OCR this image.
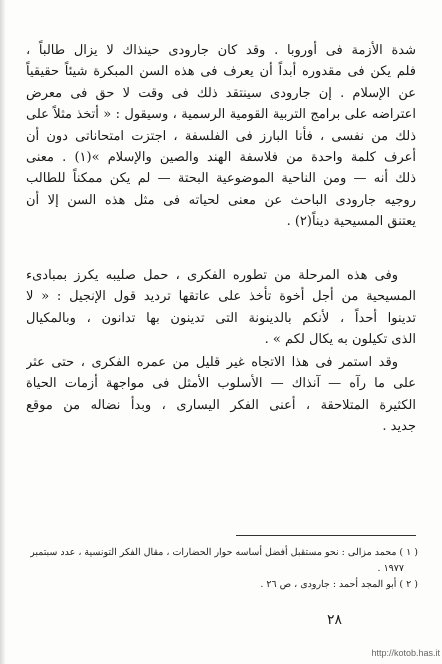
شدة الأزمة فى أوروبا . وقد كان جارودى حينذاك لا يزال طالباً ،
فلم يكن فى مقدوره أبداً أن يعرف فى هذه السن المبكرة شيئاً حقيقياً
عن الإسلام . إن جارودى سينتقد ذلك فى وقت لا حق فى معرض
اعتراضه على برامج التربية القومية الرسمية ، وسيقول : « أتخذ مثلاً على
ذلك من نفسى ، فأنا البارز فى الفلسفة ، اجتزت امتحاناتى دون أن
أعرف كلمة واحدة من فلاسفة الهند والصين والإسلام »(١) . معنى
ذلك أنه — ومن الناحية الموضوعية البحتة — لم يكن ممكناً للطالب
روجيه جارودى الباحث عن معنى لحياته فى مثل هذه السن إلا أن
يعتنق المسيحية ديناً(٢) .
وفى هذه المرحلة من تطوره الفكرى ، حمل صليبه يكرز بمبادىء
المسيحية من أجل أخوة تأخذ على عاتقها ترديد قول الإنجيل : « لا
تدينوا أحداً ، لأنكم بالدينونة التى تدينون بها تدانون ، وبالمكيال
الذى تكيلون به يكال لكم » .
وقد استمر فى هذا الاتجاه غير قليل من عمره الفكرى ، حتى عثر
على ما رآه — آنذاك — الأسلوب الأمثل فى مواجهة أزمات الحياة
الكثيرة المتلاحقة ، أعنى الفكر اليسارى ، وبدأ نضاله من موقع
جديد .
( ١ ) محمد مزالى : نحو مستقبل أفضل أساسه حوار الحضارات ، مقال الفكر التونسية ، عدد سبتمبر
١٩٧٧ .
( ٢ ) أبو المجد أحمد : جارودى ، ص ٢٦ .
٢٨
http://kotob.has.it
